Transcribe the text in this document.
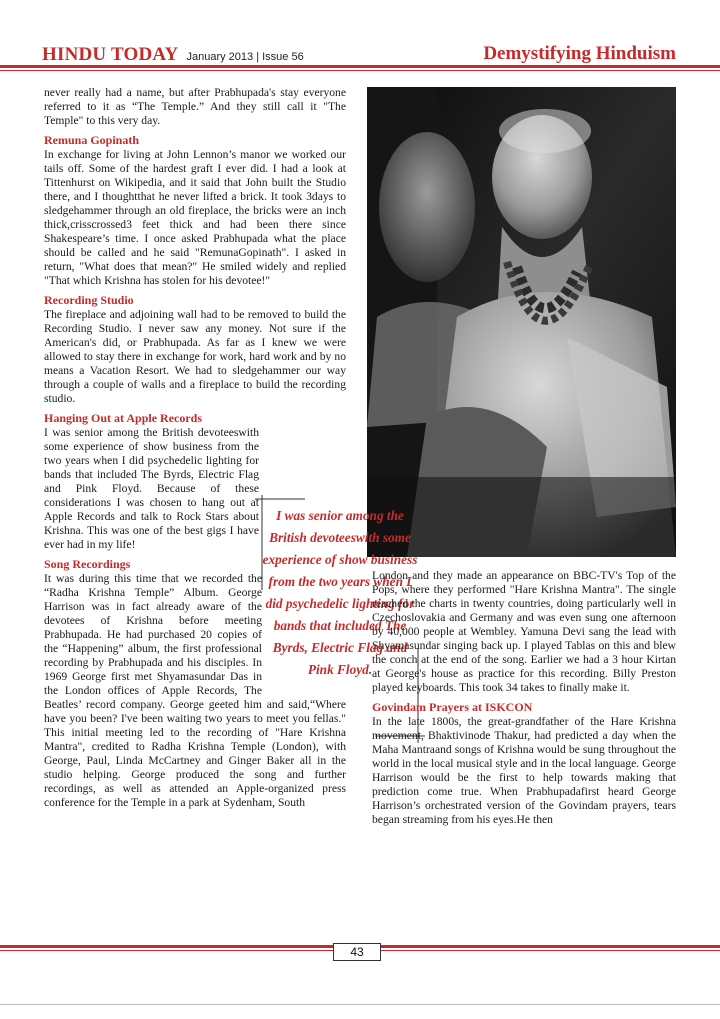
HINDU TODAY January 2013 | Issue 56	Demystifying Hinduism

never really had a name, but after Prabhupada's stay everyone referred to it as “The Temple.” And they still call it "The Temple" to this very day.

Remuna Gopinath

In exchange for living at John Lennon’s manor we worked our tails off. Some of the hardest graft I ever did. I had a look at Tittenhurst on Wikipedia, and it said that John built the Studio there, and I thoughtthat he never lifted a brick. It took 3days to sledgehammer through an old fireplace, the bricks were an inch thick,crisscrossed3 feet thick and had been there since Shakespeare’s time. I once asked Prabhupada what the place should be called and he said "RemunaGopinath". I asked in return, "What does that mean?" He smiled widely and replied "That which Krishna has stolen for his devotee!"

Recording Studio

The fireplace and adjoining wall had to be removed to build the Recording Studio. I never saw any money. Not sure if the American's did, or Prabhupada. As far as I knew we were allowed to stay there in exchange for work, hard work and by no means a Vacation Resort. We had to sledgehammer our way through a couple of walls and a fireplace to build the recording studio.

Hanging Out at Apple Records

I was senior among the British devoteeswith some experience of show business from the two years when I did psychedelic lighting for bands that included The Byrds, Electric Flag and Pink Floyd. Because of these considerations I was chosen to hang out at Apple Records and talk to Rock Stars about Krishna. This was one of the best gigs I have ever had in my life!

Song Recordings

It was during this time that we recorded the “Radha Krishna Temple” Album. George Harrison was in fact already aware of the devotees of Krishna before meeting Prabhupada. He had purchased 20 copies of the “Happening” album, the first professional recording by Prabhupada and his disciples. In 1969 George first met Shyamasundar Das in the London offices of Apple Records, The Beatles’ record company. George geeted him and said,“Where have you been? I've been waiting two years to meet you fellas." This initial meeting led to the recording of "Hare Krishna Mantra", credited to Radha Krishna Temple (London), with George, Paul, Linda McCartney and Ginger Baker all in the studio helping. George produced the song and further recordings, as well as attended an Apple-organized press conference for the Temple in a park at Sydenham, South

I was senior among the British devoteeswith some experience of show business from the two years when I did psychedelic lighting for bands that included The Byrds, Electric Flag and Pink Floyd.

London and they made an appearance on BBC-TV's Top of the Pops, where they performed "Hare Krishna Mantra". The single reached the charts in twenty countries, doing particularly well in Czechoslovakia and Germany and was even sung one afternoon by 40,000 people at Wembley. Yamuna Devi sang the lead with Shyamasundar singing back up. I played Tablas on this and blew the conch at the end of the song. Earlier we had a 3 hour Kirtan at George's house as practice for this recording. Billy Preston played keyboards. This took 34 takes to finally make it.

Govindam Prayers at ISKCON

In the late 1800s, the great-grandfather of the Hare Krishna movement, Bhaktivinode Thakur, had predicted a day when the Maha Mantraand songs of Krishna would be sung throughout the world in the local musical style and in the local language. George Harrison would be the first to help towards making that prediction come true. When Prabhupadafirst heard George Harrison’s orchestrated version of the Govindam prayers, tears began streaming from his eyes.He then

43
